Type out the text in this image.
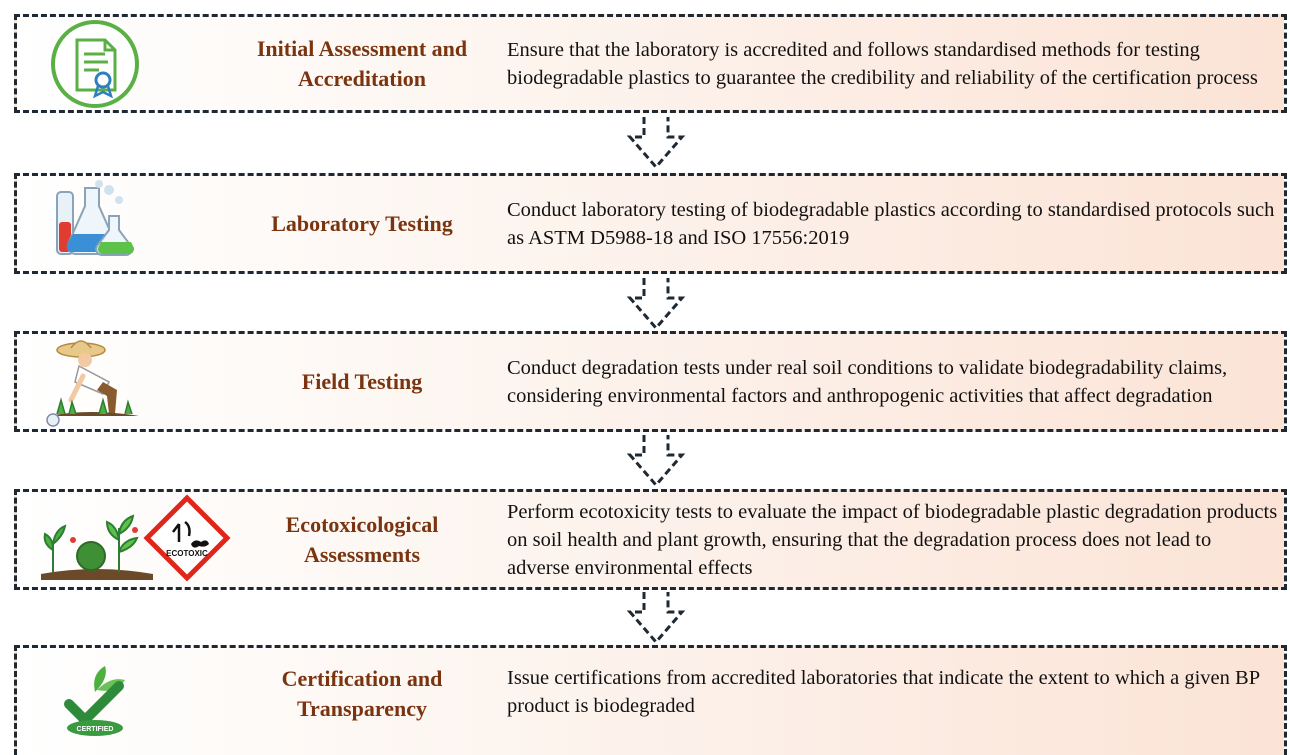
Initial Assessment and
Accreditation
Ensure that the laboratory is accredited and follows standardised methods for testing biodegradable plastics to guarantee the credibility and reliability of the certification process
Laboratory Testing
Conduct laboratory testing of biodegradable plastics according to standardised protocols such as ASTM D5988-18 and ISO 17556:2019
Field Testing
Conduct degradation tests under real soil conditions to validate biodegradability claims, considering environmental factors and anthropogenic activities that affect degradation
ECOTOXIC
Ecotoxicological
Assessments
Perform ecotoxicity tests to evaluate the impact of biodegradable plastic degradation products on soil health and plant growth, ensuring that the degradation process does not lead to adverse environmental effects
CERTIFIED
Certification and
Transparency
Issue certifications from accredited laboratories that indicate the extent to which a given BP product is biodegraded
